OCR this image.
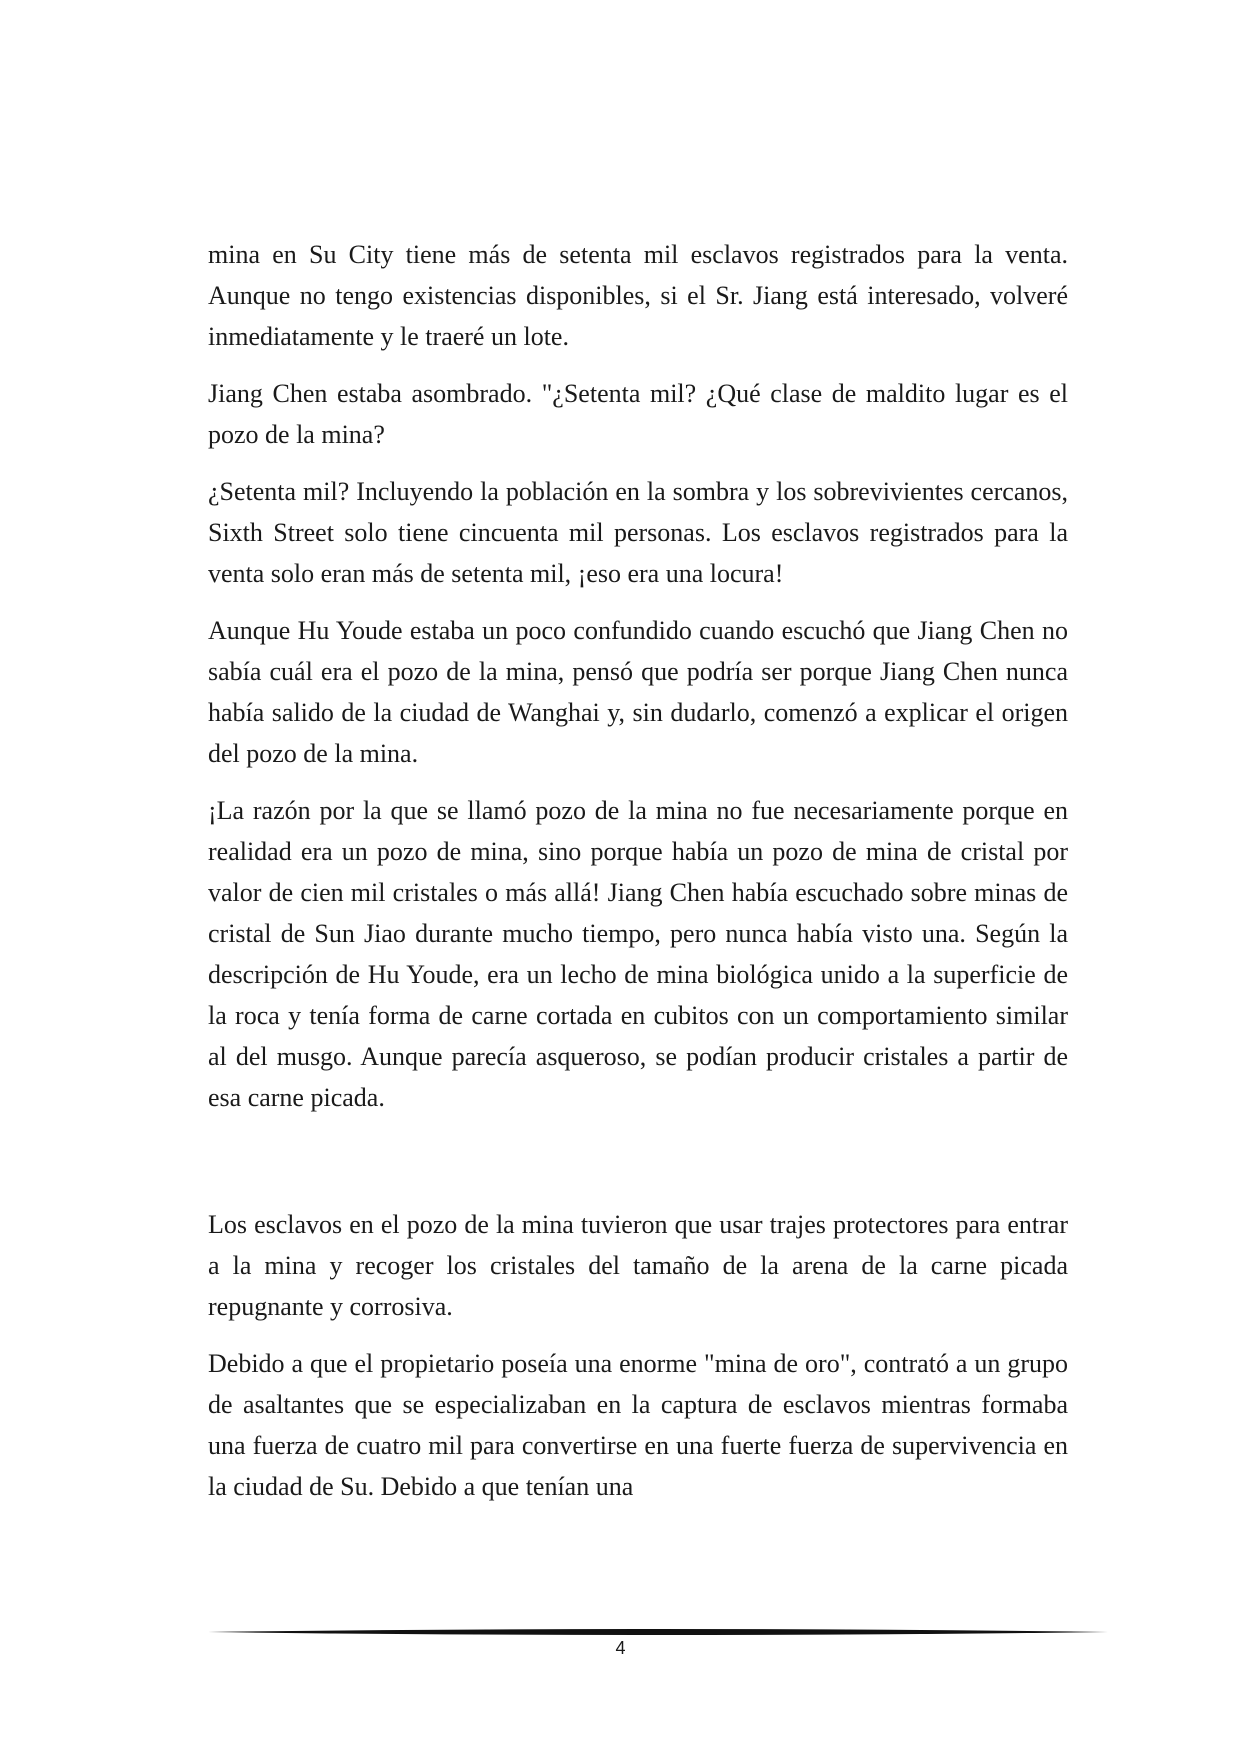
mina en Su City tiene más de setenta mil esclavos registrados para la venta. Aunque no tengo existencias disponibles, si el Sr. Jiang está interesado, volveré inmediatamente y le traeré un lote.

Jiang Chen estaba asombrado. "¿Setenta mil? ¿Qué clase de maldito lugar es el pozo de la mina?

¿Setenta mil? Incluyendo la población en la sombra y los sobrevivientes cercanos, Sixth Street solo tiene cincuenta mil personas. Los esclavos registrados para la venta solo eran más de setenta mil, ¡eso era una locura!

Aunque Hu Youde estaba un poco confundido cuando escuchó que Jiang Chen no sabía cuál era el pozo de la mina, pensó que podría ser porque Jiang Chen nunca había salido de la ciudad de Wanghai y, sin dudarlo, comenzó a explicar el origen del pozo de la mina.

¡La razón por la que se llamó pozo de la mina no fue necesariamente porque en realidad era un pozo de mina, sino porque había un pozo de mina de cristal por valor de cien mil cristales o más allá! Jiang Chen había escuchado sobre minas de cristal de Sun Jiao durante mucho tiempo, pero nunca había visto una. Según la descripción de Hu Youde, era un lecho de mina biológica unido a la superficie de la roca y tenía forma de carne cortada en cubitos con un comportamiento similar al del musgo. Aunque parecía asqueroso, se podían producir cristales a partir de esa carne picada.

Los esclavos en el pozo de la mina tuvieron que usar trajes protectores para entrar a la mina y recoger los cristales del tamaño de la arena de la carne picada repugnante y corrosiva.

Debido a que el propietario poseía una enorme "mina de oro", contrató a un grupo de asaltantes que se especializaban en la captura de esclavos mientras formaba una fuerza de cuatro mil para convertirse en una fuerte fuerza de supervivencia en la ciudad de Su. Debido a que tenían una

4
